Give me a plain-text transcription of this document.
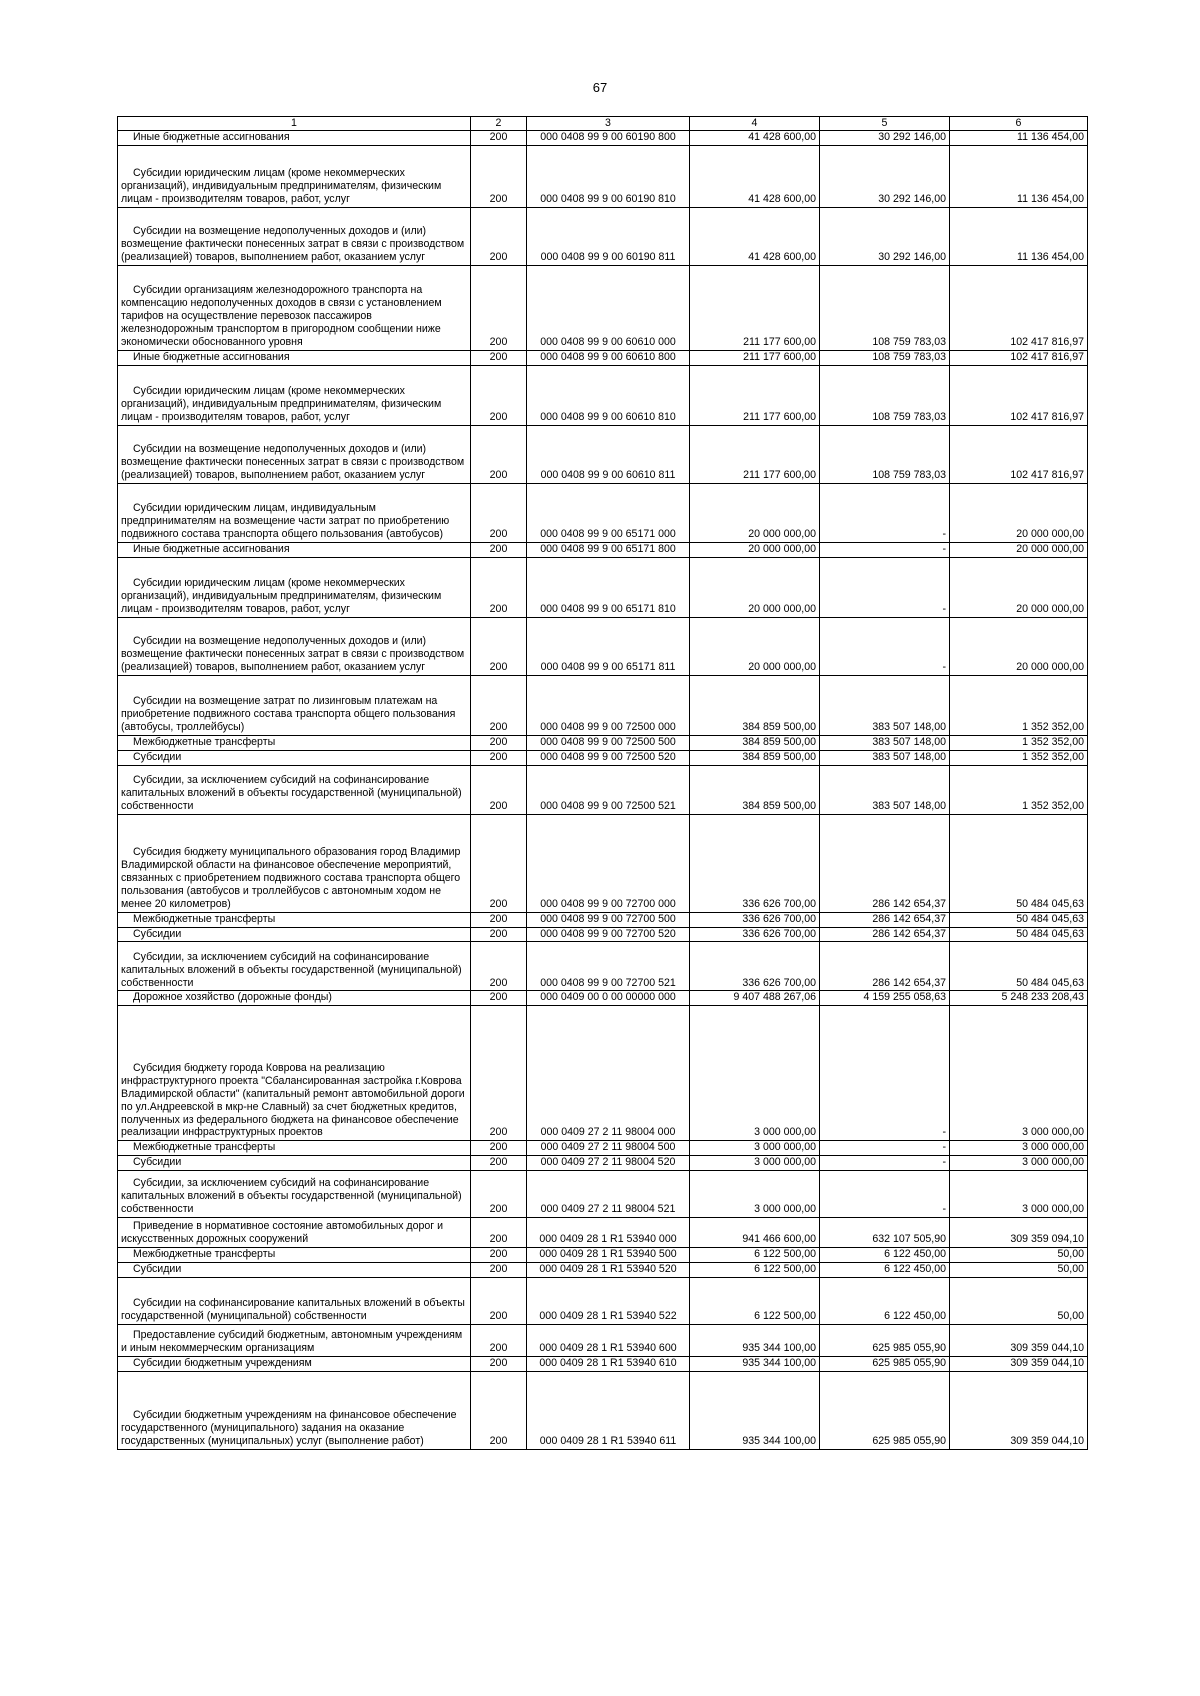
67
1	2	3	4	5	6
Иные бюджетные ассигнования	200	000 0408 99 9 00 60190 800	41 428 600,00	30 292 146,00	11 136 454,00
Субсидии юридическим лицам (кроме некоммерческих организаций), индивидуальным предпринимателям, физическим лицам - производителям товаров, работ, услуг	200	000 0408 99 9 00 60190 810	41 428 600,00	30 292 146,00	11 136 454,00
Субсидии на возмещение недополученных доходов и (или) возмещение фактически понесенных затрат в связи с производством (реализацией) товаров, выполнением работ, оказанием услуг	200	000 0408 99 9 00 60190 811	41 428 600,00	30 292 146,00	11 136 454,00
Субсидии организациям железнодорожного транспорта на компенсацию недополученных доходов в связи с установлением тарифов на осуществление перевозок пассажиров железнодорожным транспортом в пригородном сообщении ниже экономически обоснованного уровня	200	000 0408 99 9 00 60610 000	211 177 600,00	108 759 783,03	102 417 816,97
Иные бюджетные ассигнования	200	000 0408 99 9 00 60610 800	211 177 600,00	108 759 783,03	102 417 816,97
Субсидии юридическим лицам (кроме некоммерческих организаций), индивидуальным предпринимателям, физическим лицам - производителям товаров, работ, услуг	200	000 0408 99 9 00 60610 810	211 177 600,00	108 759 783,03	102 417 816,97
Субсидии на возмещение недополученных доходов и (или) возмещение фактически понесенных затрат в связи с производством (реализацией) товаров, выполнением работ, оказанием услуг	200	000 0408 99 9 00 60610 811	211 177 600,00	108 759 783,03	102 417 816,97
Субсидии юридическим лицам, индивидуальным предпринимателям на возмещение части затрат по приобретению подвижного состава транспорта общего пользования (автобусов)	200	000 0408 99 9 00 65171 000	20 000 000,00	-	20 000 000,00
Иные бюджетные ассигнования	200	000 0408 99 9 00 65171 800	20 000 000,00	-	20 000 000,00
Субсидии юридическим лицам (кроме некоммерческих организаций), индивидуальным предпринимателям, физическим лицам - производителям товаров, работ, услуг	200	000 0408 99 9 00 65171 810	20 000 000,00	-	20 000 000,00
Субсидии на возмещение недополученных доходов и (или) возмещение фактически понесенных затрат в связи с производством (реализацией) товаров, выполнением работ, оказанием услуг	200	000 0408 99 9 00 65171 811	20 000 000,00	-	20 000 000,00
Субсидии на возмещение затрат по лизинговым платежам на приобретение подвижного состава транспорта общего пользования (автобусы, троллейбусы)	200	000 0408 99 9 00 72500 000	384 859 500,00	383 507 148,00	1 352 352,00
Межбюджетные трансферты	200	000 0408 99 9 00 72500 500	384 859 500,00	383 507 148,00	1 352 352,00
Субсидии	200	000 0408 99 9 00 72500 520	384 859 500,00	383 507 148,00	1 352 352,00
Субсидии, за исключением субсидий на софинансирование капитальных вложений в объекты государственной (муниципальной) собственности	200	000 0408 99 9 00 72500 521	384 859 500,00	383 507 148,00	1 352 352,00
Субсидия бюджету муниципального образования город Владимир Владимирской области на финансовое обеспечение мероприятий, связанных с приобретением подвижного состава транспорта общего пользования (автобусов и троллейбусов с автономным ходом не менее 20 километров)	200	000 0408 99 9 00 72700 000	336 626 700,00	286 142 654,37	50 484 045,63
Межбюджетные трансферты	200	000 0408 99 9 00 72700 500	336 626 700,00	286 142 654,37	50 484 045,63
Субсидии	200	000 0408 99 9 00 72700 520	336 626 700,00	286 142 654,37	50 484 045,63
Субсидии, за исключением субсидий на софинансирование капитальных вложений в объекты государственной (муниципальной) собственности	200	000 0408 99 9 00 72700 521	336 626 700,00	286 142 654,37	50 484 045,63
Дорожное хозяйство (дорожные фонды)	200	000 0409 00 0 00 00000 000	9 407 488 267,06	4 159 255 058,63	5 248 233 208,43
Субсидия бюджету города Коврова на реализацию инфраструктурного проекта "Сбалансированная застройка г.Коврова Владимирской области" (капитальный ремонт автомобильной дороги по ул.Андреевской в мкр-не Славный) за счет бюджетных кредитов, полученных из федерального бюджета на финансовое обеспечение реализации инфраструктурных проектов	200	000 0409 27 2 11 98004 000	3 000 000,00	-	3 000 000,00
Межбюджетные трансферты	200	000 0409 27 2 11 98004 500	3 000 000,00	-	3 000 000,00
Субсидии	200	000 0409 27 2 11 98004 520	3 000 000,00	-	3 000 000,00
Субсидии, за исключением субсидий на софинансирование капитальных вложений в объекты государственной (муниципальной) собственности	200	000 0409 27 2 11 98004 521	3 000 000,00	-	3 000 000,00
Приведение в нормативное состояние автомобильных дорог и искусственных дорожных сооружений	200	000 0409 28 1 R1 53940 000	941 466 600,00	632 107 505,90	309 359 094,10
Межбюджетные трансферты	200	000 0409 28 1 R1 53940 500	6 122 500,00	6 122 450,00	50,00
Субсидии	200	000 0409 28 1 R1 53940 520	6 122 500,00	6 122 450,00	50,00
Субсидии на софинансирование капитальных вложений в объекты государственной (муниципальной) собственности	200	000 0409 28 1 R1 53940 522	6 122 500,00	6 122 450,00	50,00
Предоставление субсидий бюджетным, автономным учреждениям и иным некоммерческим организациям	200	000 0409 28 1 R1 53940 600	935 344 100,00	625 985 055,90	309 359 044,10
Субсидии бюджетным учреждениям	200	000 0409 28 1 R1 53940 610	935 344 100,00	625 985 055,90	309 359 044,10
Субсидии бюджетным учреждениям на финансовое обеспечение государственного (муниципального) задания на оказание государственных (муниципальных) услуг (выполнение работ)	200	000 0409 28 1 R1 53940 611	935 344 100,00	625 985 055,90	309 359 044,10
